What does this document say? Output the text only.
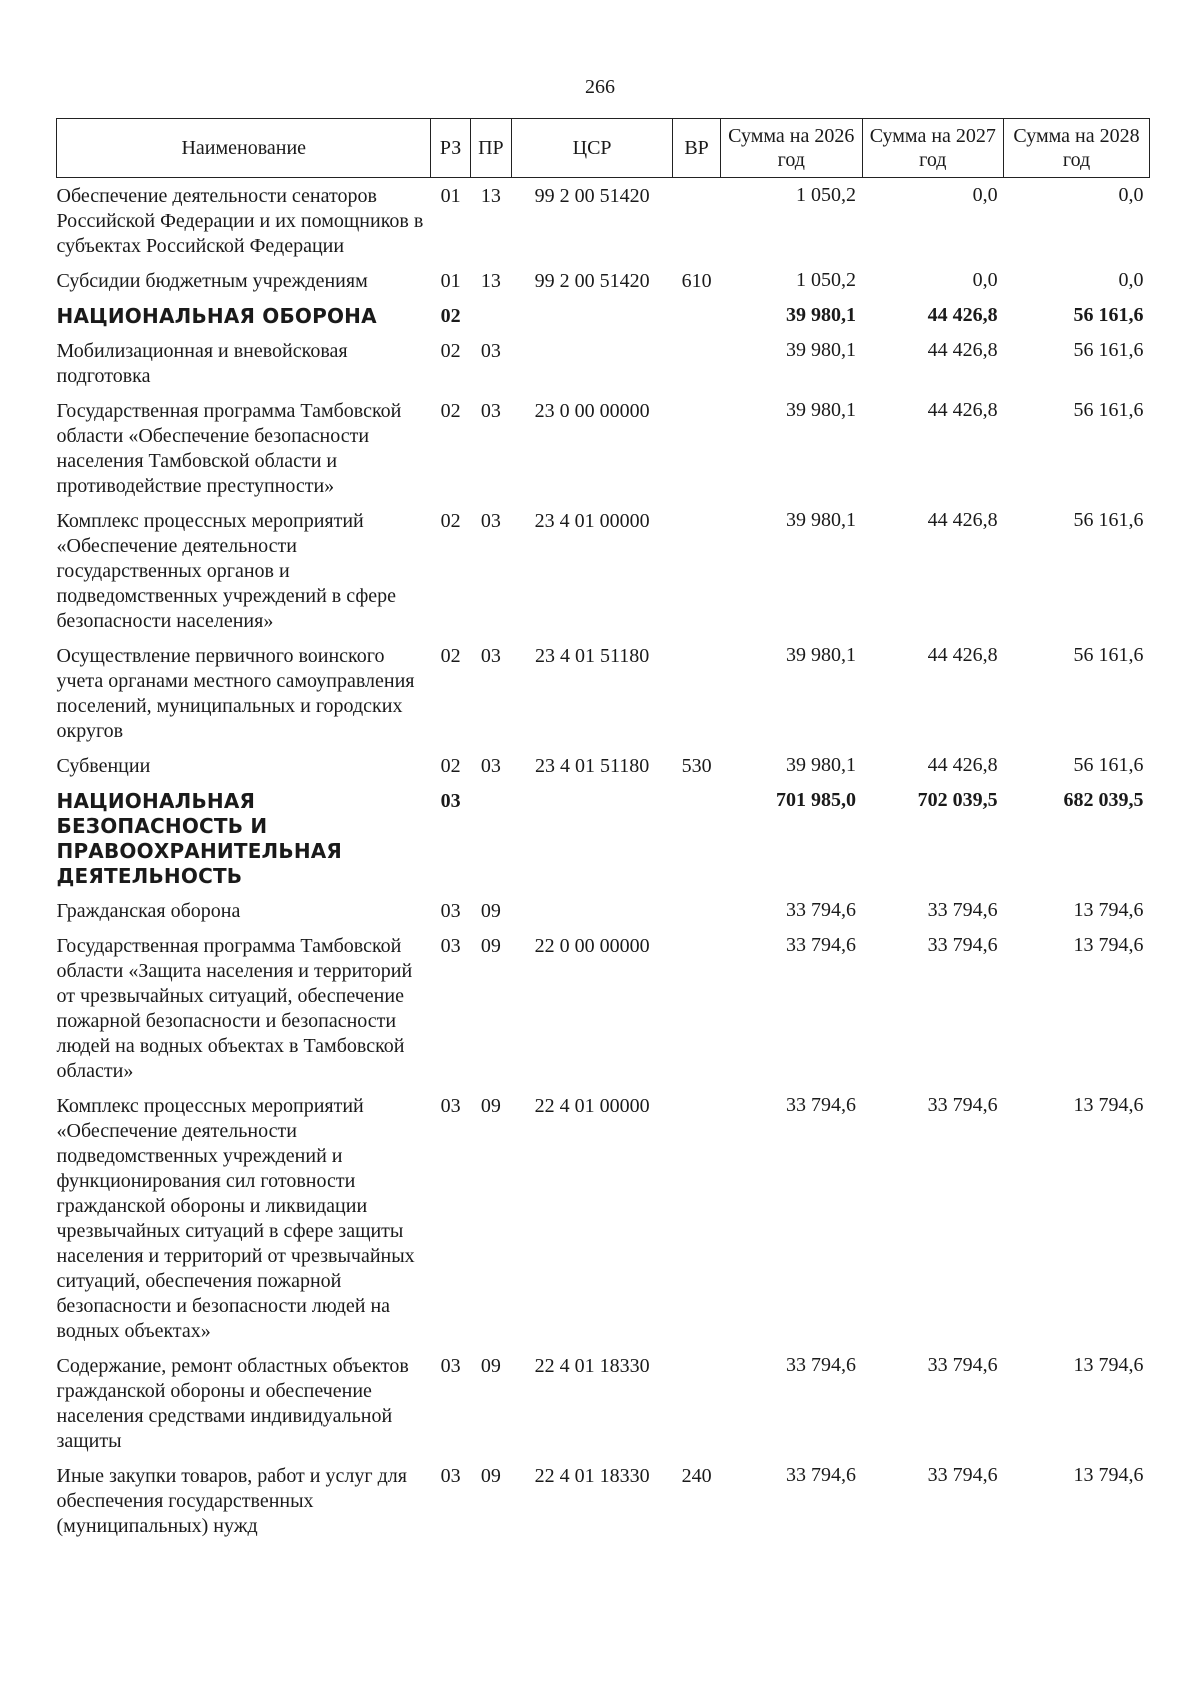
266
Наименование	РЗ	ПР	ЦСР	ВР	Сумма на 2026 год	Сумма на 2027 год	Сумма на 2028 год
Обеспечение деятельности сенаторов Российской Федерации и их помощников в субъектах Российской Федерации	01	13	99 2 00 51420		1 050,2	0,0	0,0
Субсидии бюджетным учреждениям	01	13	99 2 00 51420	610	1 050,2	0,0	0,0
НАЦИОНАЛЬНАЯ ОБОРОНА	02				39 980,1	44 426,8	56 161,6
Мобилизационная и вневойсковая подготовка	02	03			39 980,1	44 426,8	56 161,6
Государственная программа Тамбовской области «Обеспечение безопасности населения Тамбовской области и противодействие преступности»	02	03	23 0 00 00000		39 980,1	44 426,8	56 161,6
Комплекс процессных мероприятий «Обеспечение деятельности государственных органов и подведомственных учреждений в сфере безопасности населения»	02	03	23 4 01 00000		39 980,1	44 426,8	56 161,6
Осуществление первичного воинского учета органами местного самоуправления поселений, муниципальных и городских округов	02	03	23 4 01 51180		39 980,1	44 426,8	56 161,6
Субвенции	02	03	23 4 01 51180	530	39 980,1	44 426,8	56 161,6
НАЦИОНАЛЬНАЯ БЕЗОПАСНОСТЬ И ПРАВООХРАНИТЕЛЬНАЯ ДЕЯТЕЛЬНОСТЬ	03				701 985,0	702 039,5	682 039,5
Гражданская оборона	03	09			33 794,6	33 794,6	13 794,6
Государственная программа Тамбовской области «Защита населения и территорий от чрезвычайных ситуаций, обеспечение пожарной безопасности и безопасности людей на водных объектах в Тамбовской области»	03	09	22 0 00 00000		33 794,6	33 794,6	13 794,6
Комплекс процессных мероприятий «Обеспечение деятельности подведомственных учреждений и функционирования сил готовности гражданской обороны и ликвидации чрезвычайных ситуаций в сфере защиты населения и территорий от чрезвычайных ситуаций, обеспечения пожарной безопасности и безопасности людей на водных объектах»	03	09	22 4 01 00000		33 794,6	33 794,6	13 794,6
Содержание, ремонт областных объектов гражданской обороны и обеспечение населения средствами индивидуальной защиты	03	09	22 4 01 18330		33 794,6	33 794,6	13 794,6
Иные закупки товаров, работ и услуг для обеспечения государственных (муниципальных) нужд	03	09	22 4 01 18330	240	33 794,6	33 794,6	13 794,6
